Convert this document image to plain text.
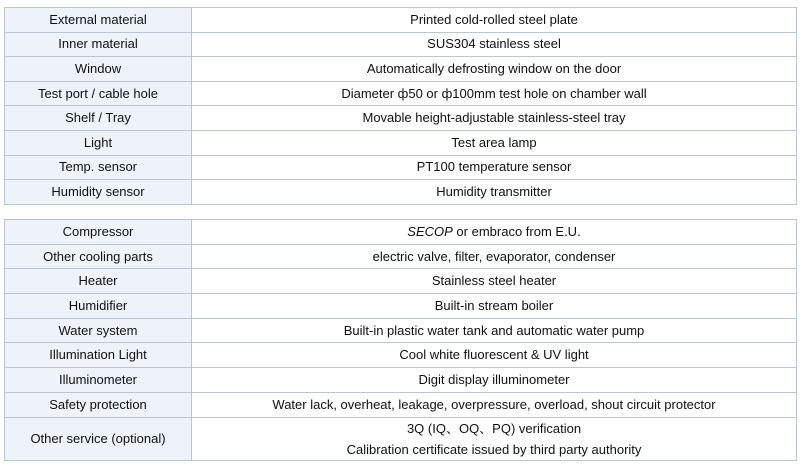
External material	Printed cold-rolled steel plate
Inner material	SUS304 stainless steel
Window	Automatically defrosting window on the door
Test port / cable hole	Diameter ф50 or ф100mm test hole on chamber wall
Shelf / Tray	Movable height-adjustable stainless-steel tray
Light	Test area lamp
Temp. sensor	PT100 temperature sensor
Humidity sensor	Humidity transmitter
Compressor	SECOP or embraco from E.U.
Other cooling parts	electric valve, filter, evaporator, condenser
Heater	Stainless steel heater
Humidifier	Built-in stream boiler
Water system	Built-in plastic water tank and automatic water pump
Illumination Light	Cool white fluorescent & UV light
Illuminometer	Digit display illuminometer
Safety protection	Water lack, overheat, leakage, overpressure, overload, shout circuit protector
Other service (optional)	3Q (IQ、OQ、PQ) verification
Calibration certificate issued by third party authority
